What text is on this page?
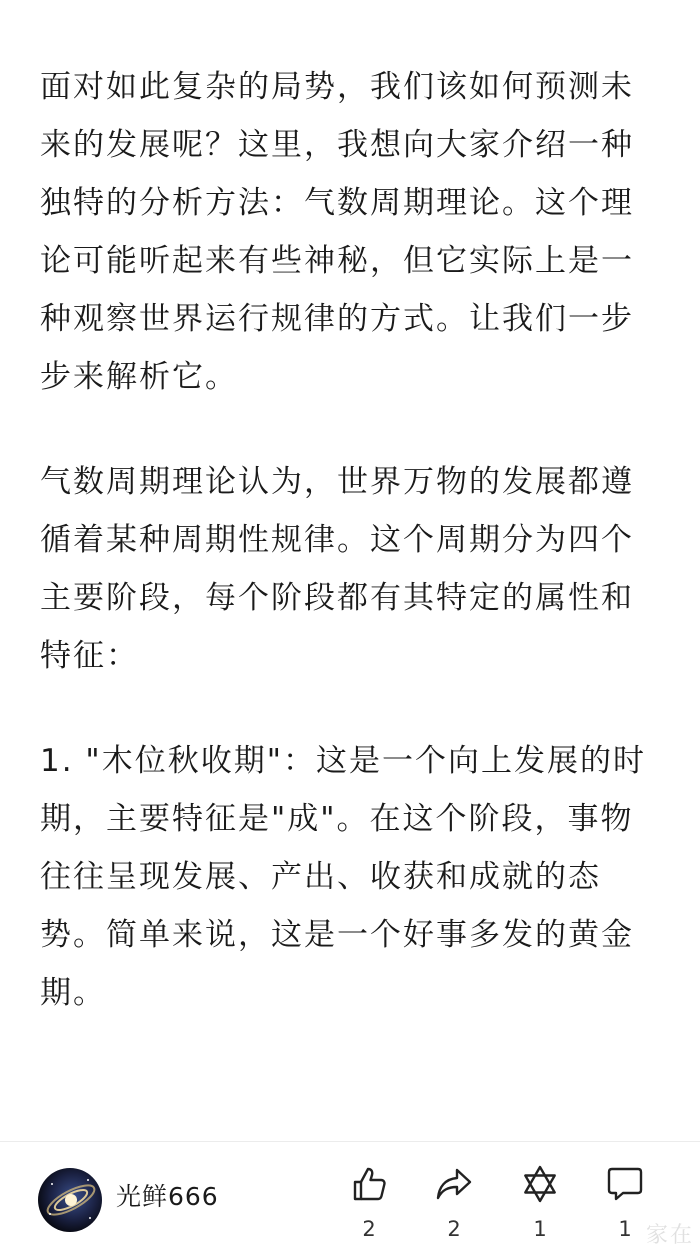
面对如此复杂的局势，我们该如何预测未来的发展呢？这里，我想向大家介绍一种独特的分析方法：气数周期理论。这个理论可能听起来有些神秘，但它实际上是一种观察世界运行规律的方式。让我们一步步来解析它。

气数周期理论认为，世界万物的发展都遵循着某种周期性规律。这个周期分为四个主要阶段，每个阶段都有其特定的属性和特征：

1. "木位秋收期"：这是一个向上发展的时期，主要特征是"成"。在这个阶段，事物往往呈现发展、产出、收获和成就的态势。简单来说，这是一个好事多发的黄金期。

光鲜666
2	2	1	1 家在
